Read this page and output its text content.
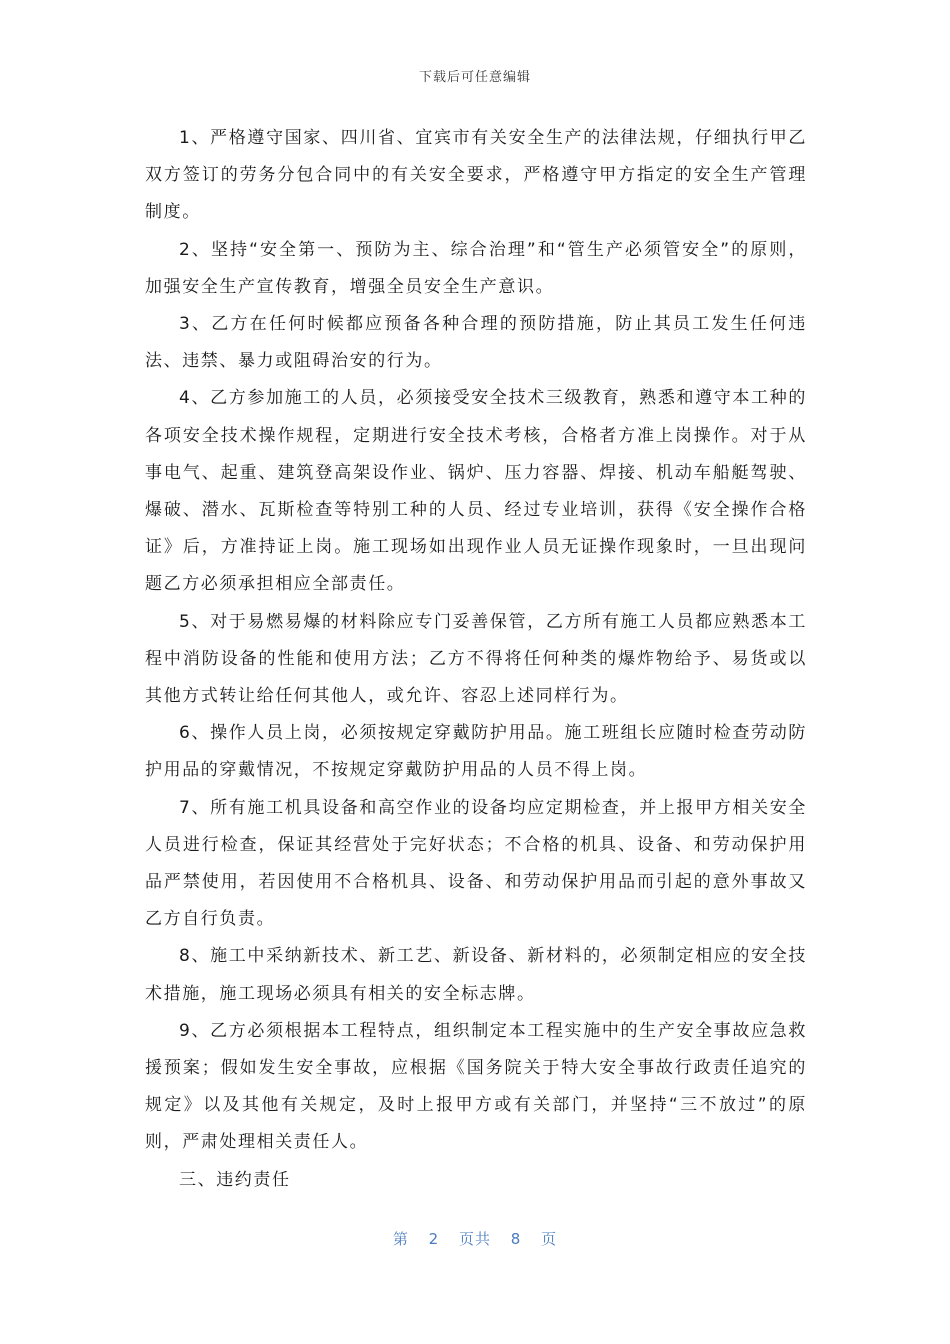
下载后可任意编辑

1、严格遵守国家、四川省、宜宾市有关安全生产的法律法规，仔细执行甲乙双方签订的劳务分包合同中的有关安全要求，严格遵守甲方指定的安全生产管理制度。

2、坚持“安全第一、预防为主、综合治理”和“管生产必须管安全”的原则，加强安全生产宣传教育，增强全员安全生产意识。

3、乙方在任何时候都应预备各种合理的预防措施，防止其员工发生任何违法、违禁、暴力或阻碍治安的行为。

4、乙方参加施工的人员，必须接受安全技术三级教育，熟悉和遵守本工种的各项安全技术操作规程，定期进行安全技术考核，合格者方准上岗操作。对于从事电气、起重、建筑登高架设作业、锅炉、压力容器、焊接、机动车船艇驾驶、爆破、潜水、瓦斯检查等特别工种的人员、经过专业培训，获得《安全操作合格证》后，方准持证上岗。施工现场如出现作业人员无证操作现象时，一旦出现问题乙方必须承担相应全部责任。

5、对于易燃易爆的材料除应专门妥善保管，乙方所有施工人员都应熟悉本工程中消防设备的性能和使用方法；乙方不得将任何种类的爆炸物给予、易货或以其他方式转让给任何其他人，或允许、容忍上述同样行为。

6、操作人员上岗，必须按规定穿戴防护用品。施工班组长应随时检查劳动防护用品的穿戴情况，不按规定穿戴防护用品的人员不得上岗。

7、所有施工机具设备和高空作业的设备均应定期检查，并上报甲方相关安全人员进行检查，保证其经营处于完好状态；不合格的机具、设备、和劳动保护用品严禁使用，若因使用不合格机具、设备、和劳动保护用品而引起的意外事故又乙方自行负责。

8、施工中采纳新技术、新工艺、新设备、新材料的，必须制定相应的安全技术措施，施工现场必须具有相关的安全标志牌。

9、乙方必须根据本工程特点，组织制定本工程实施中的生产安全事故应急救援预案；假如发生安全事故，应根据《国务院关于特大安全事故行政责任追究的规定》以及其他有关规定，及时上报甲方或有关部门，并坚持“三不放过”的原则，严肃处理相关责任人。

三、违约责任

第 2 页共 8 页
